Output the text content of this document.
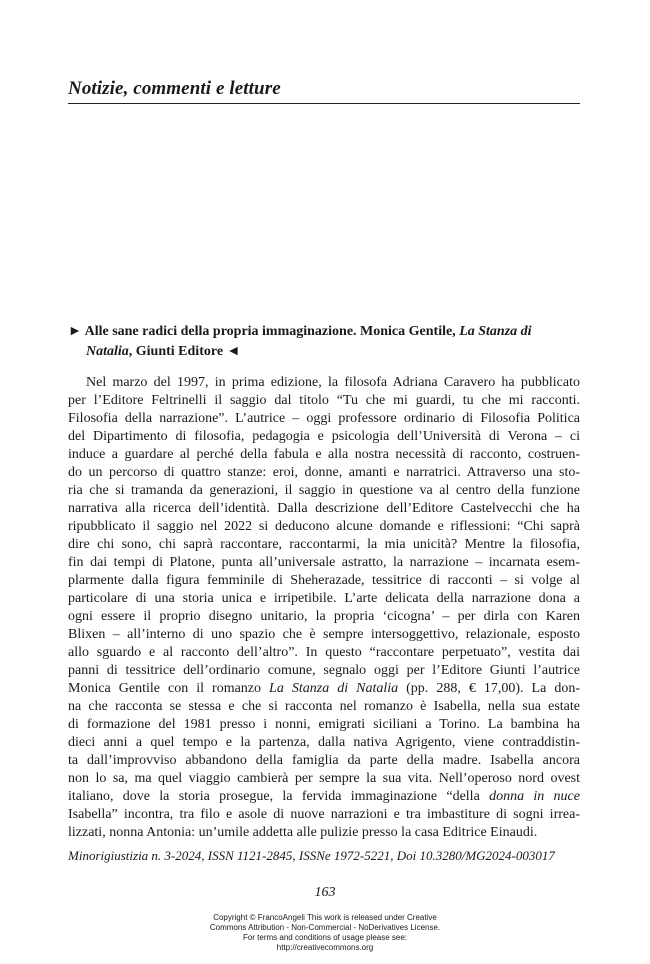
Notizie, commenti e letture
► Alle sane radici della propria immaginazione. Monica Gentile, La Stanza di
Natalia, Giunti Editore ◄
Nel marzo del 1997, in prima edizione, la filosofa Adriana Caravero ha pubblicato
per l’Editore Feltrinelli il saggio dal titolo “Tu che mi guardi, tu che mi racconti.
Filosofia della narrazione”. L’autrice – oggi professore ordinario di Filosofia Politica
del Dipartimento di filosofia, pedagogia e psicologia dell’Università di Verona – ci
induce a guardare al perché della fabula e alla nostra necessità di racconto, costruen-
do un percorso di quattro stanze: eroi, donne, amanti e narratrici. Attraverso una sto-
ria che si tramanda da generazioni, il saggio in questione va al centro della funzione
narrativa alla ricerca dell’identità. Dalla descrizione dell’Editore Castelvecchi che ha
ripubblicato il saggio nel 2022 si deducono alcune domande e riflessioni: “Chi saprà
dire chi sono, chi saprà raccontare, raccontarmi, la mia unicità? Mentre la filosofia,
fin dai tempi di Platone, punta all’universale astratto, la narrazione – incarnata esem-
plarmente dalla figura femminile di Sheherazade, tessitrice di racconti – si volge al
particolare di una storia unica e irripetibile. L’arte delicata della narrazione dona a
ogni essere il proprio disegno unitario, la propria ‘cicogna’ – per dirla con Karen
Blixen – all’interno di uno spazio che è sempre intersoggettivo, relazionale, esposto
allo sguardo e al racconto dell’altro”. In questo “raccontare perpetuato”, vestita dai
panni di tessitrice dell’ordinario comune, segnalo oggi per l’Editore Giunti l’autrice
Monica Gentile con il romanzo La Stanza di Natalia (pp. 288, € 17,00). La don-
na che racconta se stessa e che si racconta nel romanzo è Isabella, nella sua estate
di formazione del 1981 presso i nonni, emigrati siciliani a Torino. La bambina ha
dieci anni a quel tempo e la partenza, dalla nativa Agrigento, viene contraddistin-
ta dall’improvviso abbandono della famiglia da parte della madre. Isabella ancora
non lo sa, ma quel viaggio cambierà per sempre la sua vita. Nell’operoso nord ovest
italiano, dove la storia prosegue, la fervida immaginazione “della donna in nuce
Isabella” incontra, tra filo e asole di nuove narrazioni e tra imbastiture di sogni irrea-
lizzati, nonna Antonia: un’umile addetta alle pulizie presso la casa Editrice Einaudi.
Minorigiustizia n. 3-2024, ISSN 1121-2845, ISSNe 1972-5221, Doi 10.3280/MG2024-003017
163
Copyright © FrancoAngeli This work is released under Creative
Commons Attribution - Non-Commercial - NoDerivatives License.
For terms and conditions of usage please see:
http://creativecommons.org
